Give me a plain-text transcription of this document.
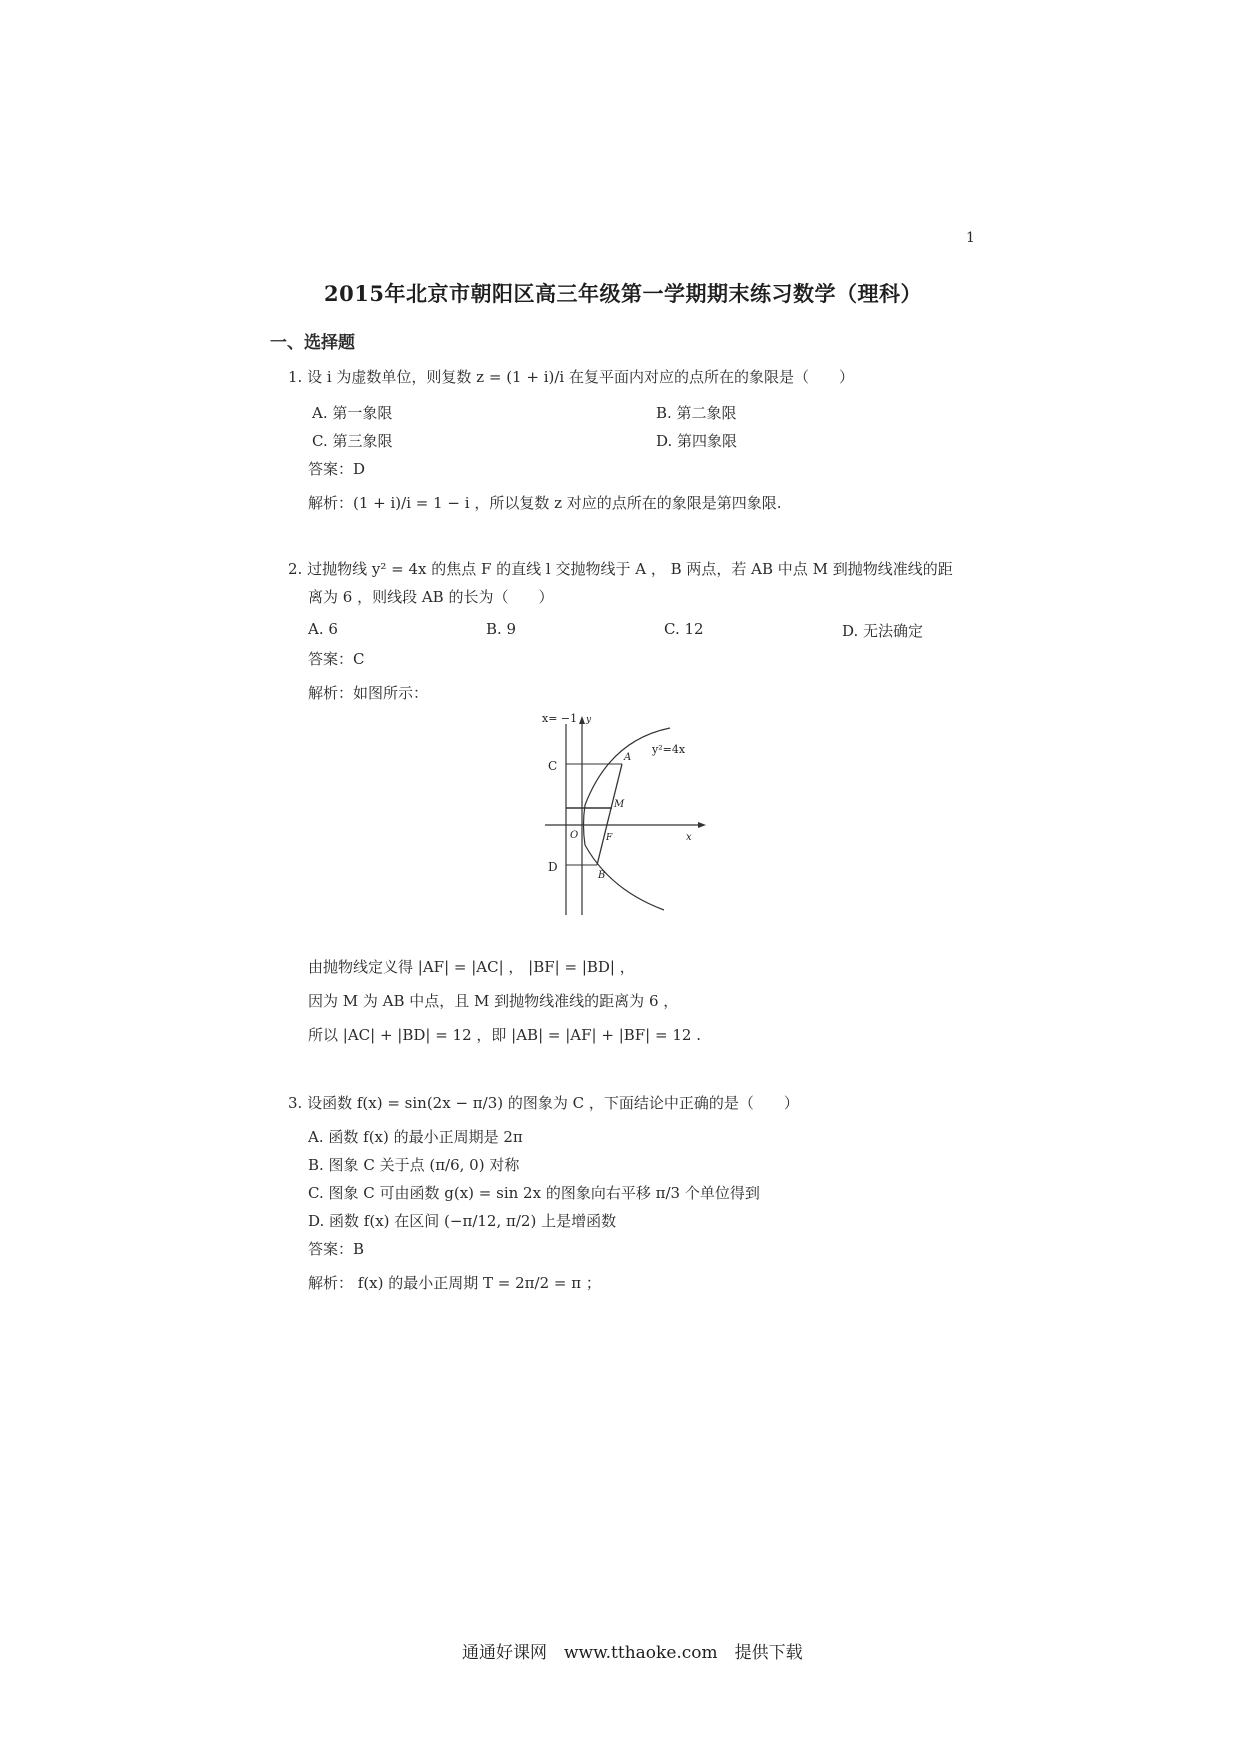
1
2015年北京市朝阳区高三年级第一学期期末练习数学（理科）
一、选择题
1. 设 i 为虚数单位，则复数 z = (1 + i)/i 在复平面内对应的点所在的象限是（　　）
A. 第一象限	B. 第二象限
C. 第三象限	D. 第四象限
答案：D
解析：(1 + i)/i = 1 − i ，所以复数 z 对应的点所在的象限是第四象限.
2. 过抛物线 y² = 4x 的焦点 F 的直线 l 交抛物线于 A ， B 两点，若 AB 中点 M 到抛物线准线的距
离为 6 ，则线段 AB 的长为（　　）
A. 6	B. 9	C. 12	D. 无法确定
答案：C
解析：如图所示：
x= −1 y
x
y²=4x
A
C
M
O	F
D
B
由抛物线定义得 |AF| = |AC| ， |BF| = |BD| ，
因为 M 为 AB 中点，且 M 到抛物线准线的距离为 6 ，
所以 |AC| + |BD| = 12 ，即 |AB| = |AF| + |BF| = 12 .
3. 设函数 f(x) = sin(2x − π/3) 的图象为 C ，下面结论中正确的是（　　）
A. 函数 f(x) 的最小正周期是 2π
B. 图象 C 关于点 (π/6, 0) 对称
C. 图象 C 可由函数 g(x) = sin 2x 的图象向右平移 π/3 个单位得到
D. 函数 f(x) 在区间 (−π/12, π/2) 上是增函数
答案：B
解析： f(x) 的最小正周期 T = 2π/2 = π ；
通通好课网　www.tthaoke.com　提供下载
